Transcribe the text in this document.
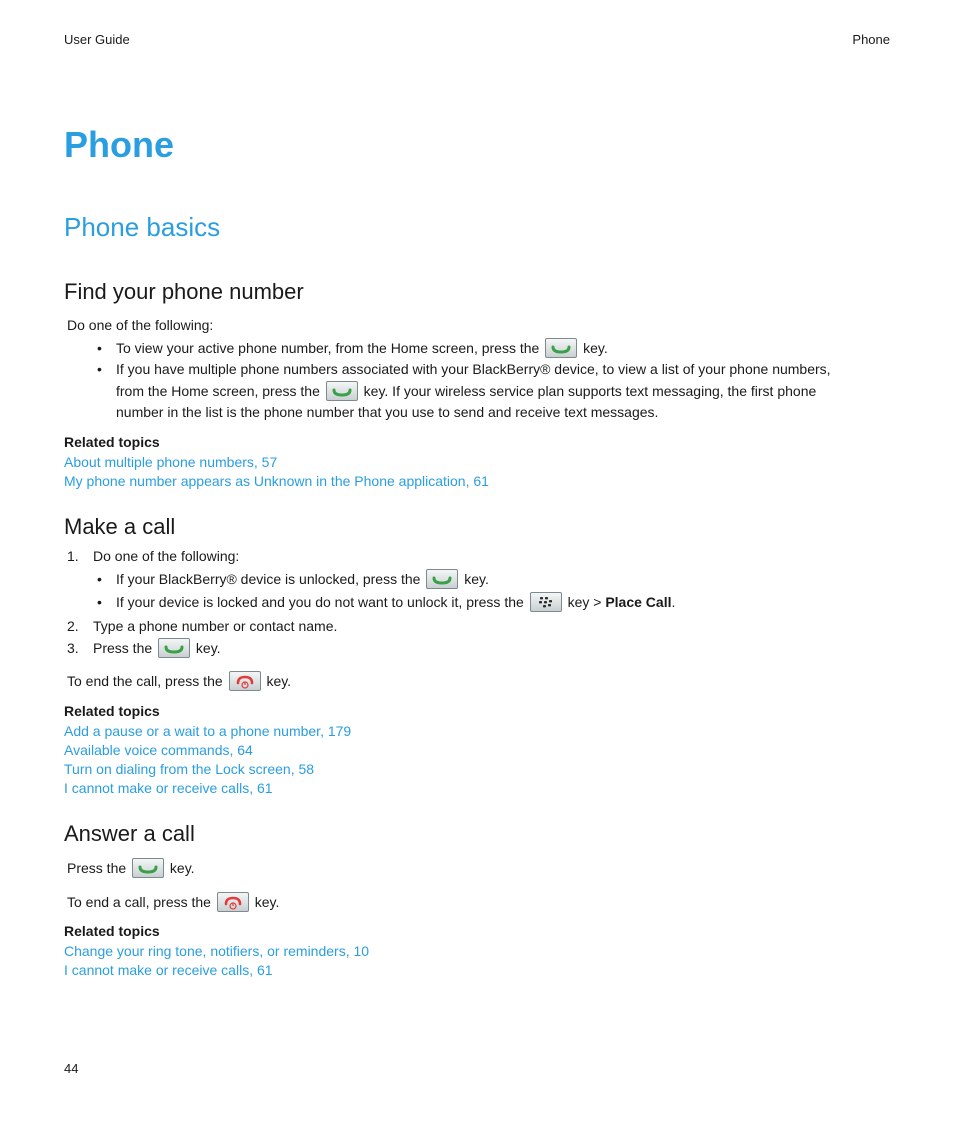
User Guide	Phone
Phone
Phone basics
Find your phone number
Do one of the following:
• To view your active phone number, from the Home screen, press the	key.
• If you have multiple phone numbers associated with your BlackBerry® device, to view a list of your phone numbers,
from the Home screen, press the	key. If your wireless service plan supports text messaging, the first phone
number in the list is the phone number that you use to send and receive text messages.
Related topics
About multiple phone numbers, 57
My phone number appears as Unknown in the Phone application, 61
Make a call
1. Do one of the following:
• If your BlackBerry® device is unlocked, press the	key.
• If your device is locked and you do not want to unlock it, press the	key > Place Call.
2. Type a phone number or contact name.
3. Press the	key.
To end the call, press the	key.
Related topics
Add a pause or a wait to a phone number, 179
Available voice commands, 64
Turn on dialing from the Lock screen, 58
I cannot make or receive calls, 61
Answer a call
Press the	key.
To end a call, press the	key.
Related topics
Change your ring tone, notifiers, or reminders, 10
I cannot make or receive calls, 61
44
